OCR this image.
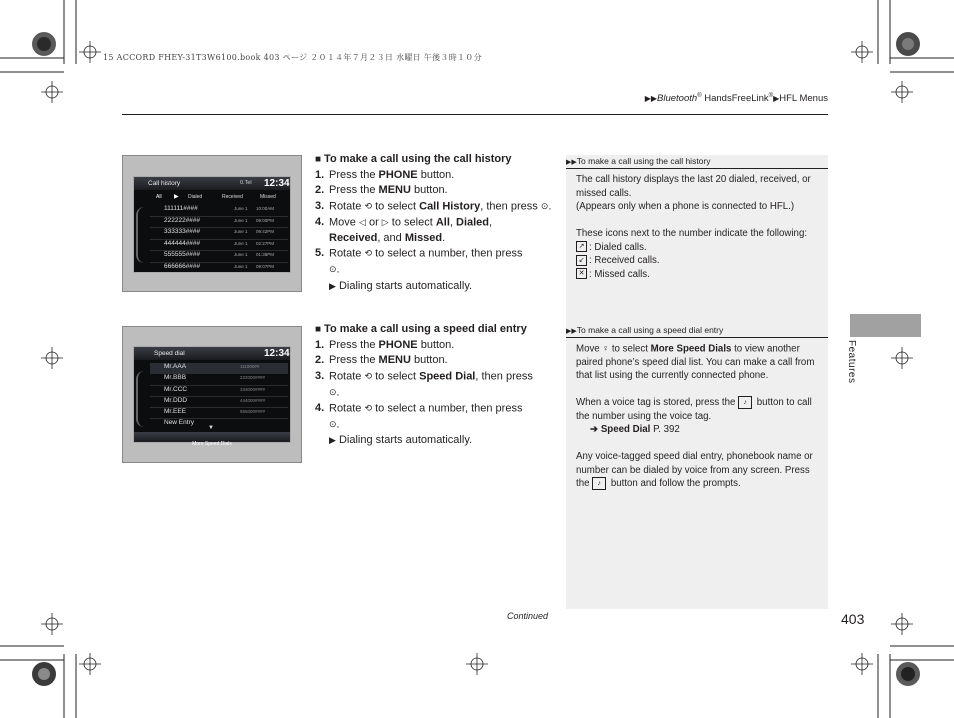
15 ACCORD FHEY-31T3W6100.book 403 ページ ２０１４年７月２３日 水曜日 午後３時１０分
▶▶Bluetooth® HandsFreeLink®▶HFL Menus
Call history	0.Tel 12:34
All ▶ Dialed	Received	Missed
111111####	June 1 10:00AM
222222####	June 1 09:00PM
333333####	June 1 09:42PM
444444####	June 1 02:27PM
555555####	June 1 01:38PM
666666####	June 1 09:07PM
Speed dial	12:34
Mr.AAA	111000##
Mr.BBB	222000####
Mr.CCC	333000####
Mr.DDD	444000####
Mr.EEE	555000####
New Entry
▼
More Speed Dials
■ To make a call using the call history
1. Press the PHONE button.
2. Press the MENU button.
3. Rotate ⟲ to select Call History, then press ⊙.
4. Move ◁ or ▷ to select All, Dialed,
Received, and Missed.
5. Rotate ⟲ to select a number, then press
⊙.
▶ Dialing starts automatically.
■ To make a call using a speed dial entry
1. Press the PHONE button.
2. Press the MENU button.
3. Rotate ⟲ to select Speed Dial, then press
⊙.
4. Rotate ⟲ to select a number, then press
⊙.
▶ Dialing starts automatically.
▶▶To make a call using the call history

The call history displays the last 20 dialed, received, or missed calls.

(Appears only when a phone is connected to HFL.)

These icons next to the number indicate the following:

↗ : Dialed calls.

↙ : Received calls.

✕ : Missed calls.

▶▶To make a call using a speed dial entry

Move ♀ to select More Speed Dials to view another paired phone’s speed dial list. You can make a call from that list using the currently connected phone.

When a voice tag is stored, press the ♪ button to call the number using the voice tag.

➔ Speed Dial P. 392

Any voice-tagged speed dial entry, phonebook name or number can be dialed by voice from any screen. Press the ♪ button and follow the prompts.

Features
Continued	403
